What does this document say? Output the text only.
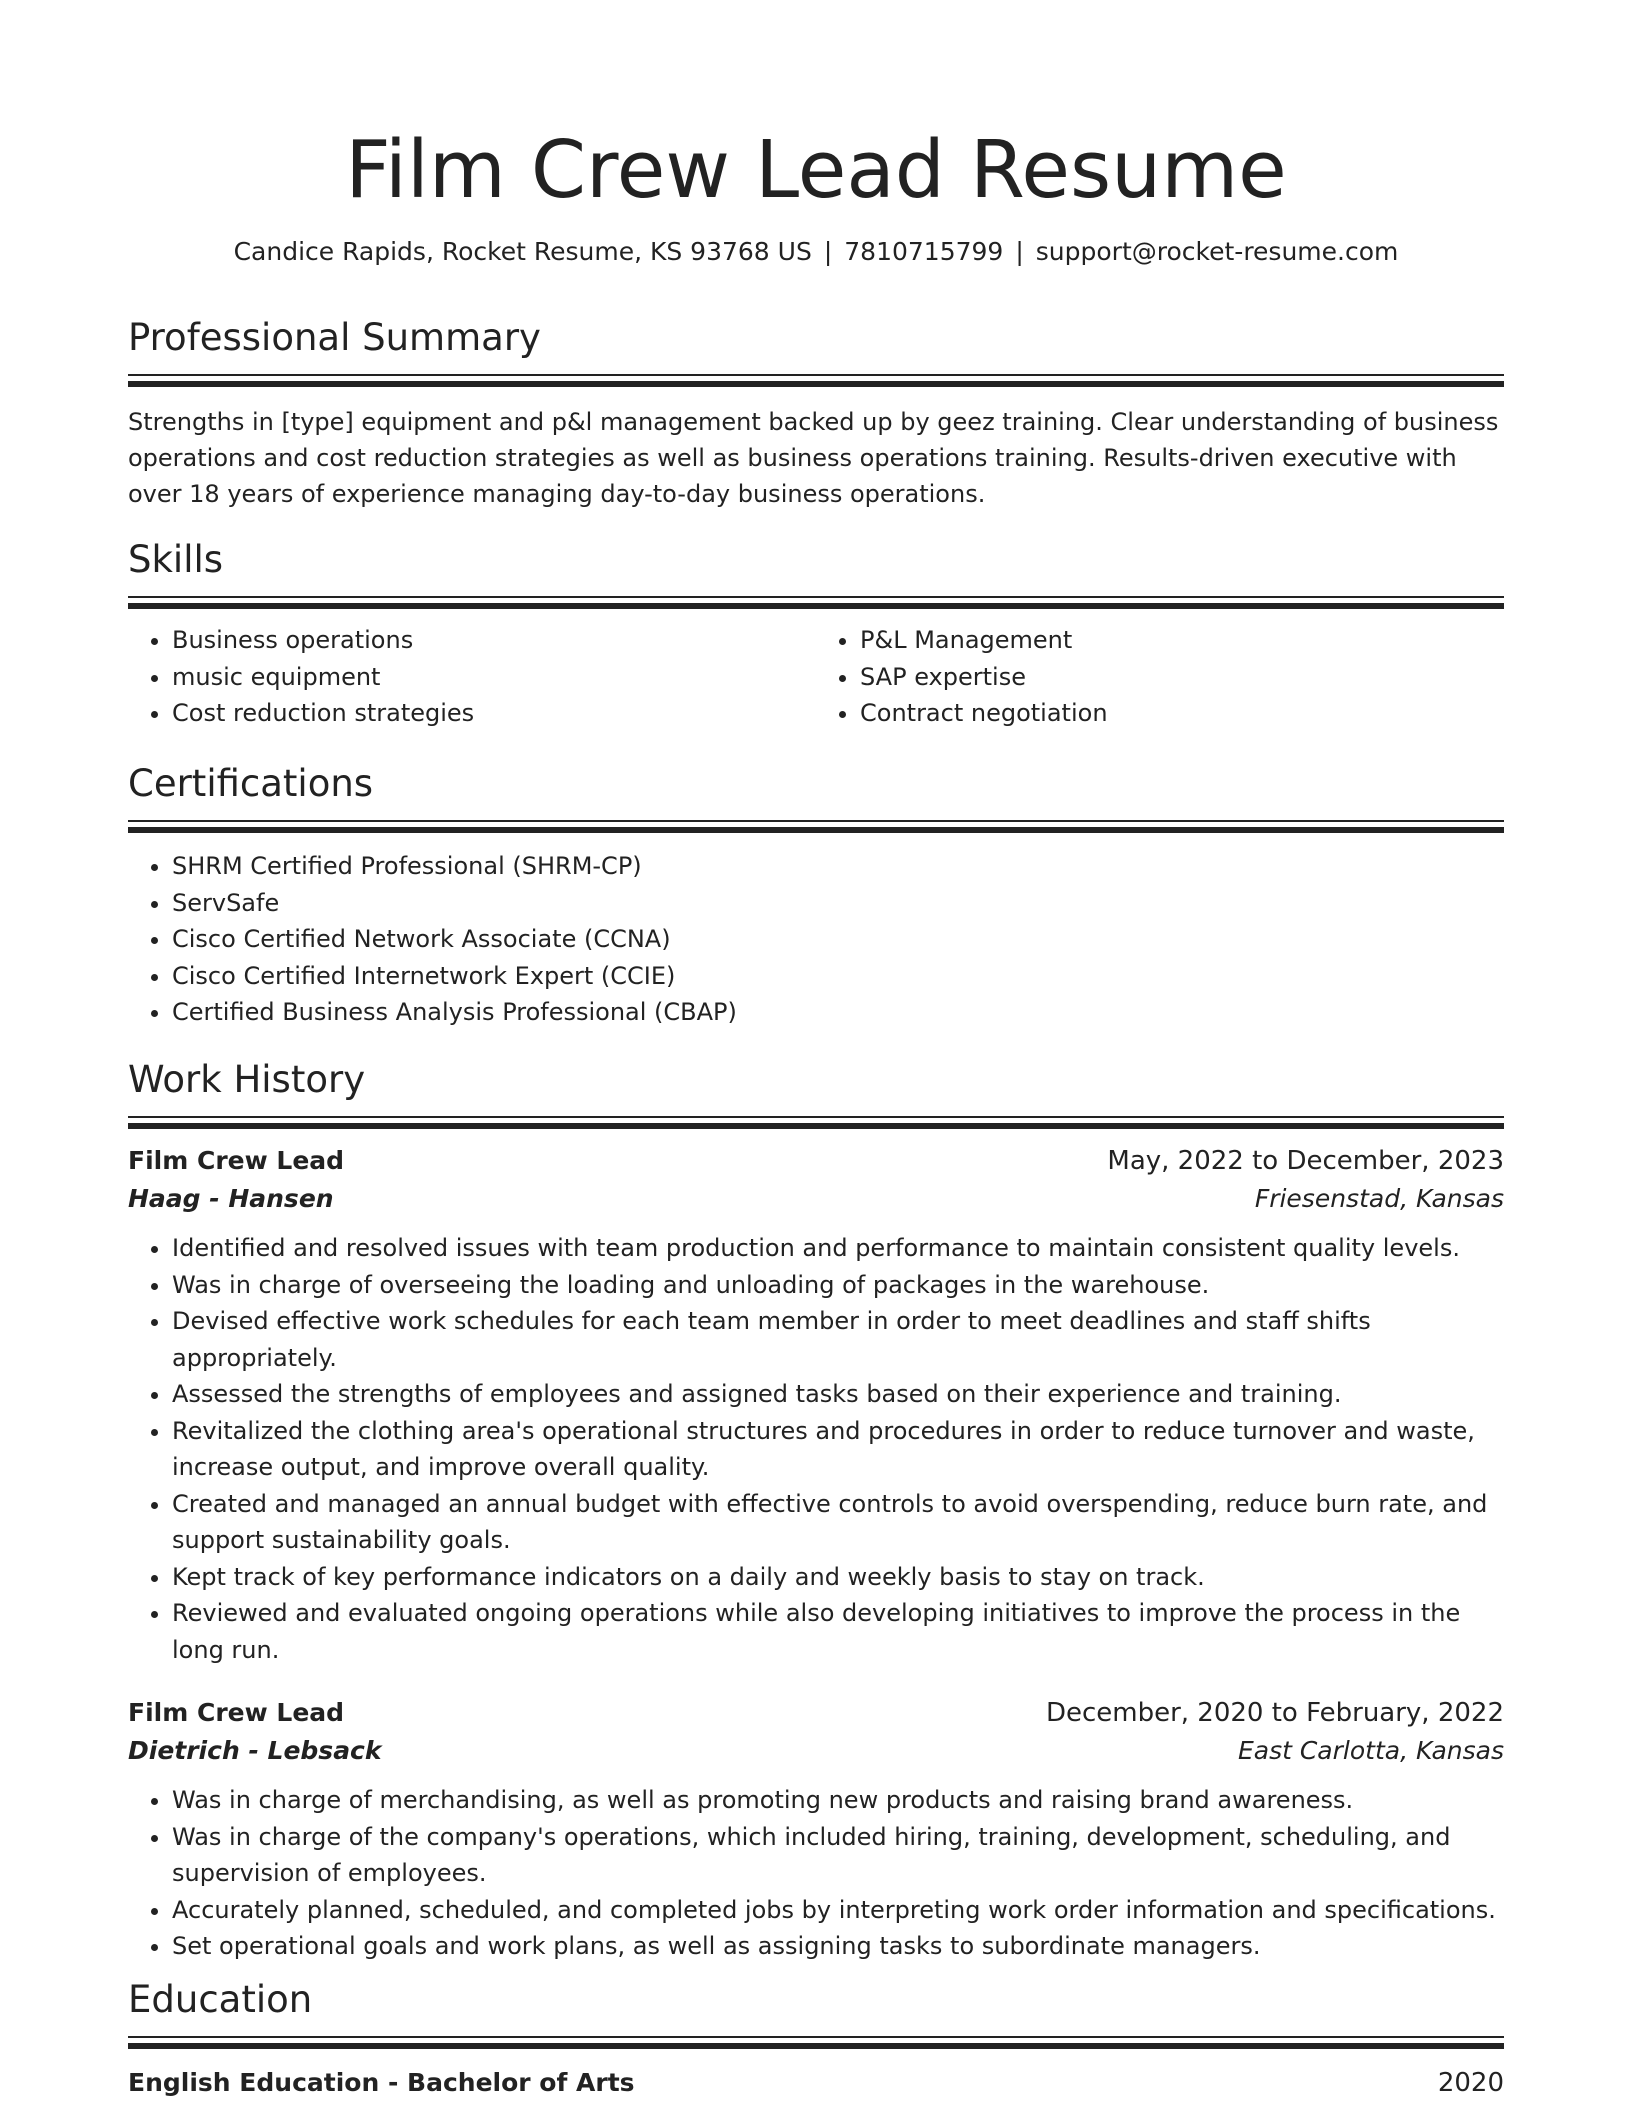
Film Crew Lead Resume
Candice Rapids, Rocket Resume, KS 93768 US | 7810715799 | support@rocket-resume.com
Professional Summary
Strengths in [type] equipment and p&l management backed up by geez training. Clear understanding of business operations and cost reduction strategies as well as business operations training. Results-driven executive with over 18 years of experience managing day-to-day business operations.
Skills
• Business operations
• music equipment
• Cost reduction strategies
• P&L Management
• SAP expertise
• Contract negotiation
Certifications
• SHRM Certified Professional (SHRM-CP)
• ServSafe
• Cisco Certified Network Associate (CCNA)
• Cisco Certified Internetwork Expert (CCIE)
• Certified Business Analysis Professional (CBAP)
Work History
Film Crew Lead	May, 2022 to December, 2023
Haag - Hansen	Friesenstad, Kansas
• Identified and resolved issues with team production and performance to maintain consistent quality levels.
• Was in charge of overseeing the loading and unloading of packages in the warehouse.
• Devised effective work schedules for each team member in order to meet deadlines and staff shifts appropriately.
• Assessed the strengths of employees and assigned tasks based on their experience and training.
• Revitalized the clothing area's operational structures and procedures in order to reduce turnover and waste, increase output, and improve overall quality.
• Created and managed an annual budget with effective controls to avoid overspending, reduce burn rate, and support sustainability goals.
• Kept track of key performance indicators on a daily and weekly basis to stay on track.
• Reviewed and evaluated ongoing operations while also developing initiatives to improve the process in the long run.
Film Crew Lead	December, 2020 to February, 2022
Dietrich - Lebsack	East Carlotta, Kansas
• Was in charge of merchandising, as well as promoting new products and raising brand awareness.
• Was in charge of the company's operations, which included hiring, training, development, scheduling, and supervision of employees.
• Accurately planned, scheduled, and completed jobs by interpreting work order information and specifications.
• Set operational goals and work plans, as well as assigning tasks to subordinate managers.
Education
English Education - Bachelor of Arts	2020
